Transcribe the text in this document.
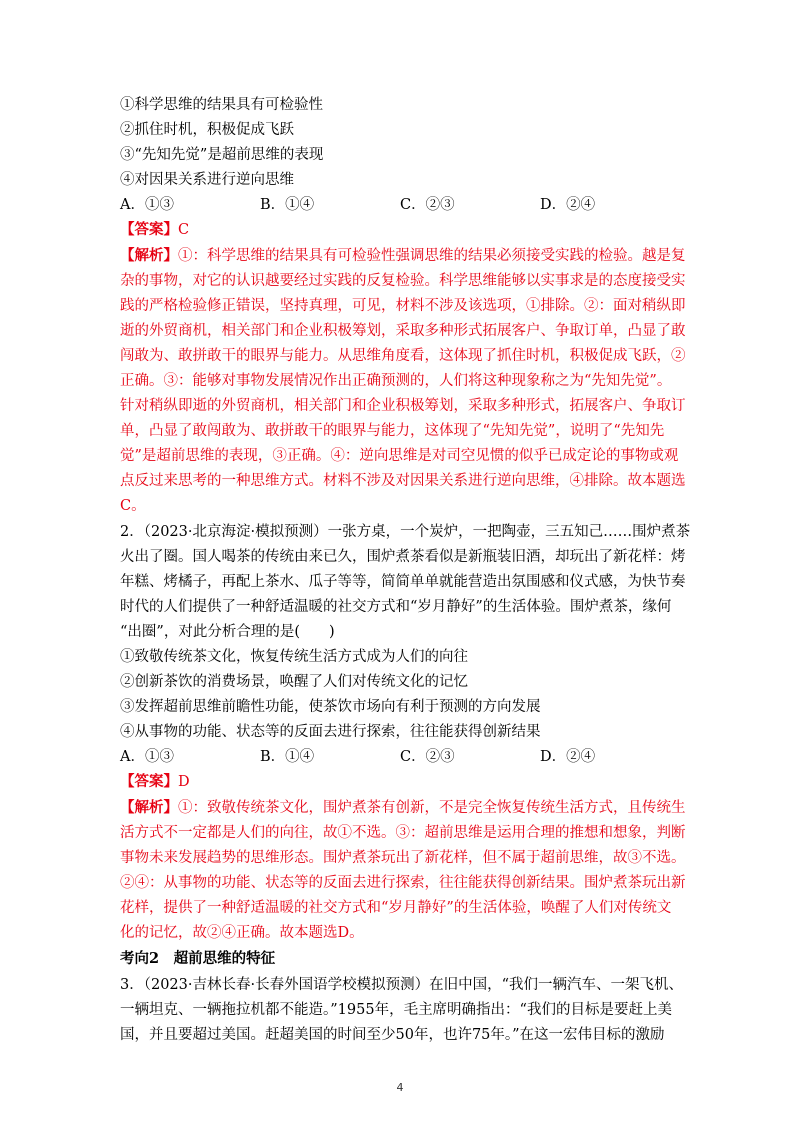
①科学思维的结果具有可检验性
②抓住时机，积极促成飞跃
③“先知先觉”是超前思维的表现
④对因果关系进行逆向思维
A．①③	B．①④	C．②③	D．②④
【答案】C
【解析】①：科学思维的结果具有可检验性强调思维的结果必须接受实践的检验。越是复
杂的事物，对它的认识越要经过实践的反复检验。科学思维能够以实事求是的态度接受实
践的严格检验修正错误，坚持真理，可见，材料不涉及该选项，①排除。②：面对稍纵即
逝的外贸商机，相关部门和企业积极筹划，采取多种形式拓展客户、争取订单，凸显了敢
闯敢为、敢拼敢干的眼界与能力。从思维角度看，这体现了抓住时机，积极促成飞跃，②
正确。③：能够对事物发展情况作出正确预测的，人们将这种现象称之为“先知先觉”。
针对稍纵即逝的外贸商机，相关部门和企业积极筹划，采取多种形式，拓展客户、争取订
单，凸显了敢闯敢为、敢拼敢干的眼界与能力，这体现了“先知先觉”，说明了“先知先
觉”是超前思维的表现，③正确。④：逆向思维是对司空见惯的似乎已成定论的事物或观
点反过来思考的一种思维方式。材料不涉及对因果关系进行逆向思维，④排除。故本题选
C。
2．（2023·北京海淀·模拟预测）一张方桌，一个炭炉，一把陶壶，三五知己……围炉煮茶
火出了圈。国人喝茶的传统由来已久，围炉煮茶看似是新瓶装旧酒，却玩出了新花样：烤
年糕、烤橘子，再配上茶水、瓜子等等，简简单单就能营造出氛围感和仪式感，为快节奏
时代的人们提供了一种舒适温暖的社交方式和“岁月静好”的生活体验。围炉煮茶，缘何
“出圈”，对此分析合理的是(　　)
①致敬传统茶文化，恢复传统生活方式成为人们的向往
②创新茶饮的消费场景，唤醒了人们对传统文化的记忆
③发挥超前思维前瞻性功能，使茶饮市场向有利于预测的方向发展
④从事物的功能、状态等的反面去进行探索，往往能获得创新结果
A．①③	B．①④	C．②③	D．②④
【答案】D
【解析】①：致敬传统茶文化，围炉煮茶有创新，不是完全恢复传统生活方式，且传统生
活方式不一定都是人们的向往，故①不选。③：超前思维是运用合理的推想和想象，判断
事物未来发展趋势的思维形态。围炉煮茶玩出了新花样，但不属于超前思维，故③不选。
②④：从事物的功能、状态等的反面去进行探索，往往能获得创新结果。围炉煮茶玩出新
花样，提供了一种舒适温暖的社交方式和“岁月静好”的生活体验，唤醒了人们对传统文
化的记忆，故②④正确。故本题选D。
考向2　超前思维的特征
3．（2023·吉林长春·长春外国语学校模拟预测）在旧中国，“我们一辆汽车、一架飞机、
一辆坦克、一辆拖拉机都不能造。”1955年，毛主席明确指出：“我们的目标是要赶上美
国，并且要超过美国。赶超美国的时间至少50年，也许75年。”在这一宏伟目标的激励
4
